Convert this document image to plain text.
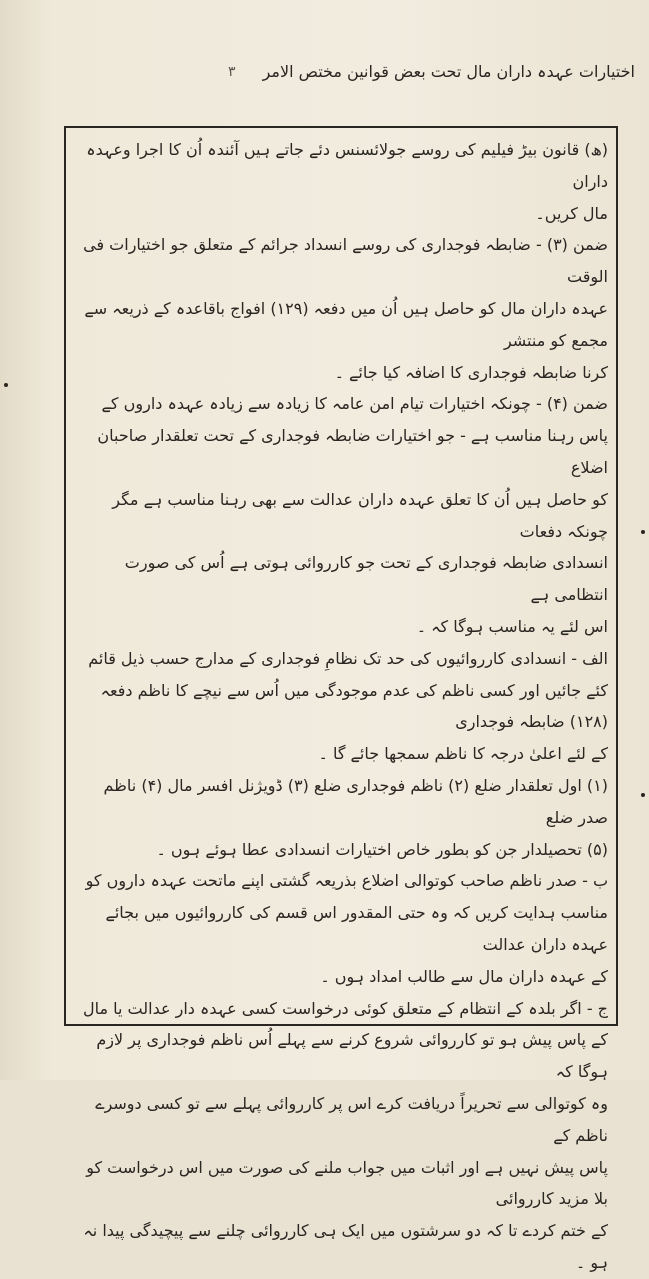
اختیارات عہدہ داران مال تحت بعض قوانین مختص الامر
۳

(ھ) قانون بیڑ فیلیم کی روسے جولائسنس دئے جاتے ہیں آئندہ اُن کا اجرا وعہدہ داران

مال کریں۔

ضمن (۳) - ضابطہ فوجداری کی روسے انسداد جرائم کے متعلق جو اختیارات فی الوقت

عہدہ داران مال کو حاصل ہیں اُن میں دفعہ (۱۲۹) افواج باقاعدہ کے ذریعہ سے مجمع کو منتشر

کرنا ضابطہ فوجداری کا اضافہ کیا جائے ۔

ضمن (۴) - چونکہ اختیارات تیام امن عامہ کا زیادہ سے زیادہ عہدہ داروں کے

پاس رہنا مناسب ہے - جو اختیارات ضابطہ فوجداری کے تحت تعلقدار صاحبان اضلاع

کو حاصل ہیں اُن کا تعلق عہدہ داران عدالت سے بھی رہنا مناسب ہے مگر چونکہ دفعات

انسدادی ضابطہ فوجداری کے تحت جو کارروائی ہوتی ہے اُس کی صورت انتظامی ہے

اس لئے یہ مناسب ہوگا کہ ۔

الف - انسدادی کارروائیوں کی حد تک نظامِ فوجداری کے مدارج حسب ذیل قائم

کئے جائیں اور کسی ناظم کی عدم موجودگی میں اُس سے نیچے کا ناظم دفعہ (۱۲۸) ضابطہ فوجداری

کے لئے اعلیٰ درجہ کا ناظم سمجھا جائے گا ۔

(۱) اول تعلقدار ضلع (۲) ناظم فوجداری ضلع (۳) ڈویژنل افسر مال (۴) ناظم صدر ضلع

(۵) تحصیلدار جن کو بطور خاص اختیارات انسدادی عطا ہوئے ہوں ۔

ب - صدر ناظم صاحب کوتوالی اضلاع بذریعہ گشتی اپنے ماتحت عہدہ داروں کو

مناسب ہدایت کریں کہ وہ حتی المقدور اس قسم کی کارروائیوں میں بجائے عہدہ داران عدالت

کے عہدہ داران مال سے طالب امداد ہوں ۔

ج - اگر بلدہ کے انتظام کے متعلق کوئی درخواست کسی عہدہ دار عدالت یا مال

کے پاس پیش ہو تو کارروائی شروع کرنے سے پہلے اُس ناظم فوجداری پر لازم ہوگا کہ

وہ کوتوالی سے تحریراً دریافت کرے اس پر کارروائی پہلے سے تو کسی دوسرے ناظم کے

پاس پیش نہیں ہے اور اثبات میں جواب ملنے کی صورت میں اس درخواست کو بلا مزید کارروائی

کے ختم کردے تا کہ دو سرشتوں میں ایک ہی کارروائی چلنے سے پیچیدگی پیدا نہ ہو ۔
